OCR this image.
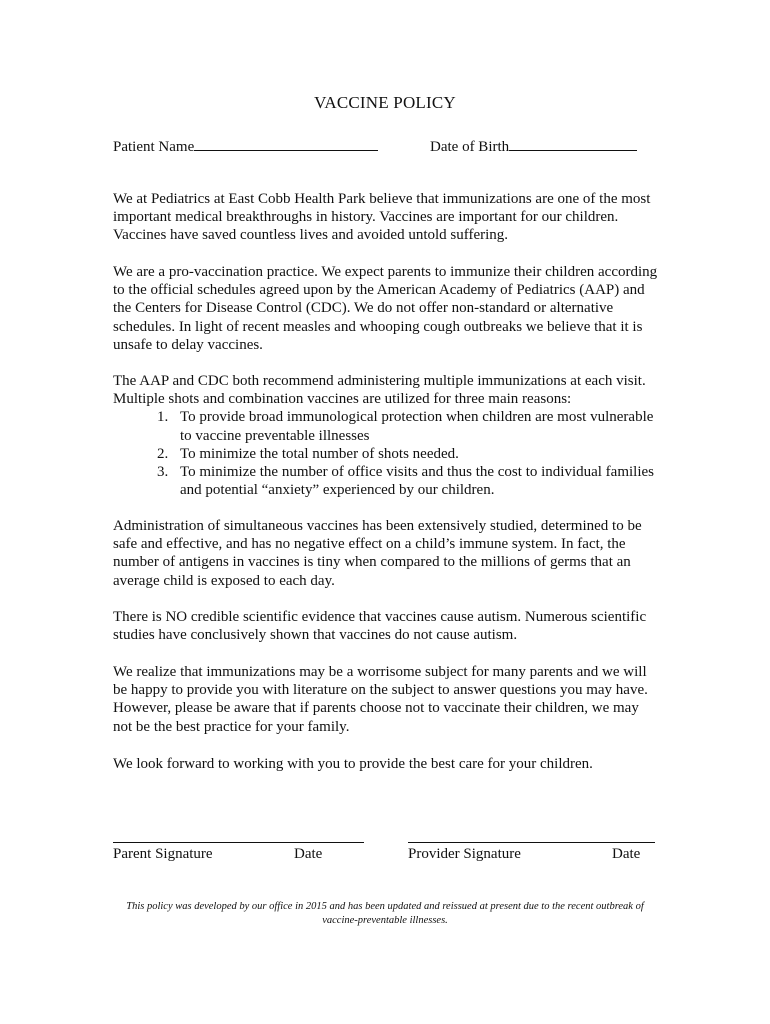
VACCINE POLICY
Patient Name	Date of Birth

We at Pediatrics at East Cobb Health Park believe that immunizations are one of the most important medical breakthroughs in history. Vaccines are important for our children. Vaccines have saved countless lives and avoided untold suffering.

We are a pro-vaccination practice. We expect parents to immunize their children according to the official schedules agreed upon by the American Academy of Pediatrics (AAP) and the Centers for Disease Control (CDC). We do not offer non-standard or alternative schedules. In light of recent measles and whooping cough outbreaks we believe that it is unsafe to delay vaccines.

The AAP and CDC both recommend administering multiple immunizations at each visit. Multiple shots and combination vaccines are utilized for three main reasons:

1. To provide broad immunological protection when children are most vulnerable to vaccine preventable illnesses
2. To minimize the total number of shots needed.
3. To minimize the number of office visits and thus the cost to individual families and potential “anxiety” experienced by our children.

Administration of simultaneous vaccines has been extensively studied, determined to be safe and effective, and has no negative effect on a child’s immune system. In fact, the number of antigens in vaccines is tiny when compared to the millions of germs that an average child is exposed to each day.

There is NO credible scientific evidence that vaccines cause autism. Numerous scientific studies have conclusively shown that vaccines do not cause autism.

We realize that immunizations may be a worrisome subject for many parents and we will be happy to provide you with literature on the subject to answer questions you may have. However, please be aware that if parents choose not to vaccinate their children, we may not be the best practice for your family.

We look forward to working with you to provide the best care for your children.

Parent Signature	Date	Provider Signature	Date
This policy was developed by our office in 2015 and has been updated and reissued at present due to the recent outbreak of vaccine-preventable illnesses.
